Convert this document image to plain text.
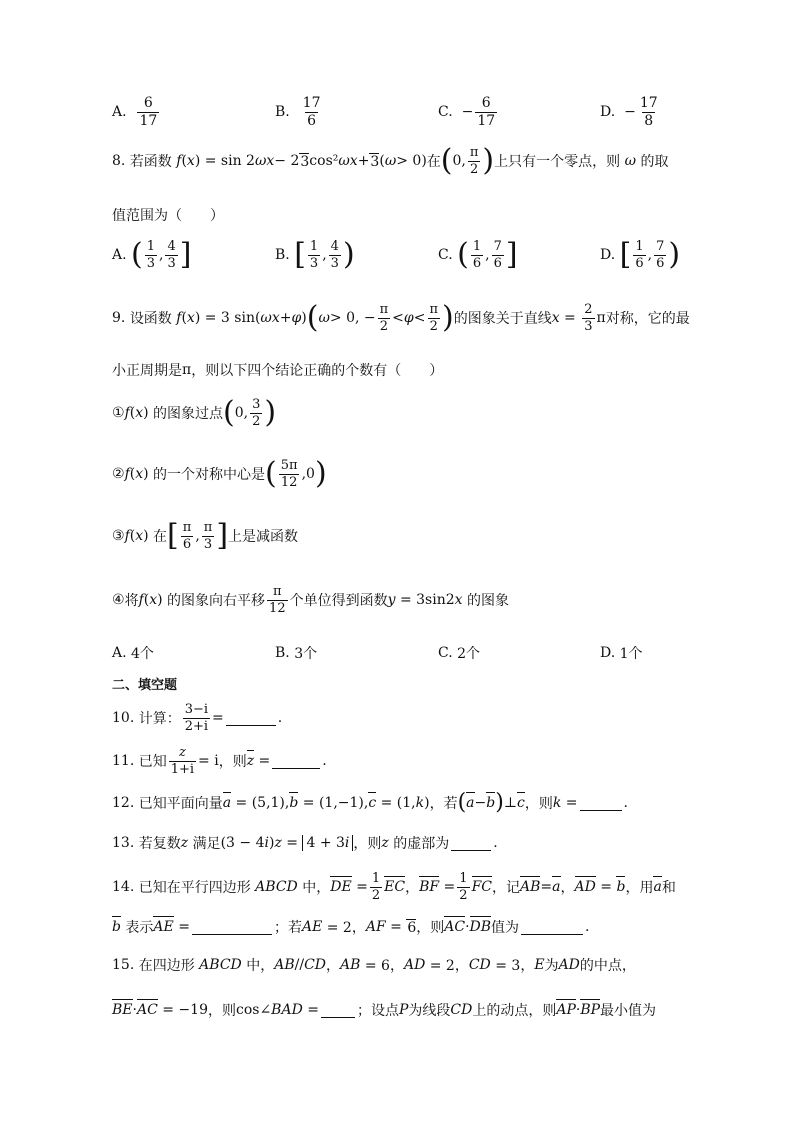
A.
$\frac{6}{17}$	B.
$\frac{17}{6}$	C.
− $\frac{6}{17}$	D.
− $\frac{17}{8}$
8.
若函数 f ( x ) = sin 2 ωx − 2 3 cos² ωx + 3 ( ω > 0) 在 ( 0, $\frac{\pi}{2}$ ) 上只有一个零点，则 ω 的取
值范围为（　　）
A.
( $\frac{1}{3}$ , $\frac{4}{3}$ ]	B.
[ $\frac{1}{3}$ , $\frac{4}{3}$ )	C.
( $\frac{1}{6}$ , $\frac{7}{6}$ ]	D.
[ $\frac{1}{6}$ , $\frac{7}{6}$ )
9.
设函数 f ( x ) = 3 sin( ωx + φ ) ( ω > 0, − $\frac{\pi}{2} < \varphi < \frac{\pi}{2}$ ) 的图象关于直线 $x = \frac{2}{3}$ π 对称，它的最
小正周期是 π ，则以下四个结论正确的个数有（　　）
① f ( x ) 的图象过点 ( 0, $\frac{3}{2}$ )
② f ( x ) 的一个对称中心是 ( $\frac{5\pi}{12} ,0$ )
③ f ( x ) 在 [ $\frac{\pi}{6}$ , $\frac{\pi}{3}$ ] 上是减函数
④ 将 f ( x ) 的图象向右平移 $\frac{\pi}{12}$ 个单位得到函数 y = 3sin2 x
的图象
A.
4个	B.
3个	C.
2个	D.
1个
二、填空题
10.
计算： $\frac{3-i}{2+i}$ =	.
11.
已知 $\frac{z}{1+i} = i$ ，则 z =	.
12.
已知平面向量 a = (5,1), b = (1,−1), c = (1, k ) ，若 ( a − b ) ⊥ c ，则 k =	.
13.
若复数 z
满足 (3 − 4 i ) z = 4 + 3i ，则 z
的虚部为	.
14.
已知在平行四边形 ABCD 中， DE = $\frac{1}{2}$ EC ， BF = $\frac{1}{2}$ FC ，记 AB = a ， AD = b ，用 a 和
b
表示 AE =	；若 AE = 2， AF = 6 ，则 AC · DB 值为	.
15.
在四边形 ABCD 中， AB // CD ， AB = 6， AD = 2， CD = 3， E 为 AD 的中点，
BE · AC = −19 ，则 cos∠ BAD =	；设点 P 为线段 CD 上的动点，则 AP · BP 最小值为
